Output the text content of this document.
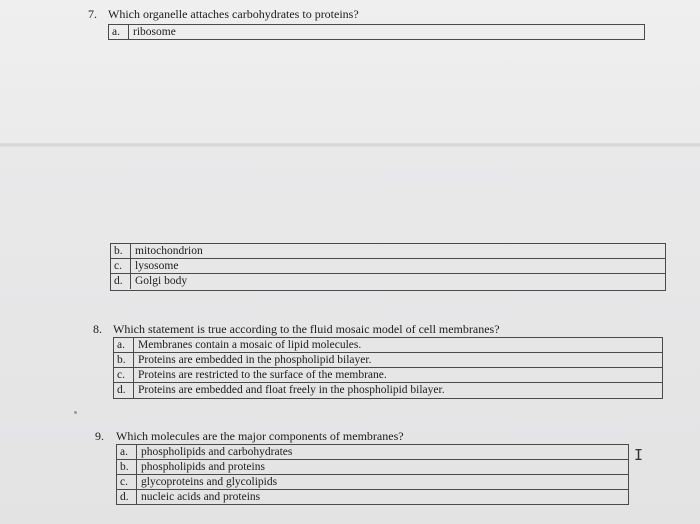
7. Which organelle attaches carbohydrates to proteins?
a.	ribosome
b.	mitochondrion
c.	lysosome
d.	Golgi body
8. Which statement is true according to the fluid mosaic model of cell membranes?
a.	Membranes contain a mosaic of lipid molecules.
b.	Proteins are embedded in the phospholipid bilayer.
c.	Proteins are restricted to the surface of the membrane.
d.	Proteins are embedded and float freely in the phospholipid bilayer.
9. Which molecules are the major components of membranes?
a.	phospholipids and carbohydrates
b.	phospholipids and proteins
c.	glycoproteins and glycolipids
d.	nucleic acids and proteins
I
